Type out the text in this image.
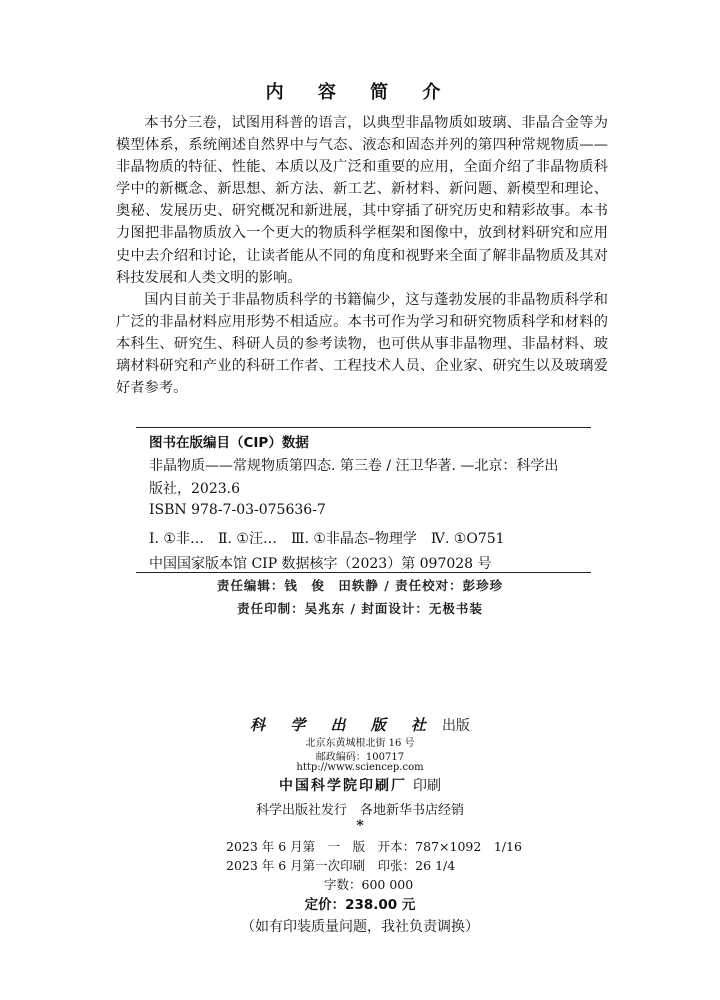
内 容 简 介

本书分三卷，试图用科普的语言，以典型非晶物质如玻璃、非晶合金等为模型体系，系统阐述自然界中与气态、液态和固态并列的第四种常规物质——非晶物质的特征、性能、本质以及广泛和重要的应用，全面介绍了非晶物质科学中的新概念、新思想、新方法、新工艺、新材料、新问题、新模型和理论、奥秘、发展历史、研究概况和新进展，其中穿插了研究历史和精彩故事。本书力图把非晶物质放入一个更大的物质科学框架和图像中，放到材料研究和应用史中去介绍和讨论，让读者能从不同的角度和视野来全面了解非晶物质及其对科技发展和人类文明的影响。

国内目前关于非晶物质科学的书籍偏少，这与蓬勃发展的非晶物质科学和广泛的非晶材料应用形势不相适应。本书可作为学习和研究物质科学和材料的本科生、研究生、科研人员的参考读物，也可供从事非晶物理、非晶材料、玻璃材料研究和产业的科研工作者、工程技术人员、企业家、研究生以及玻璃爱好者参考。

图书在版编目（CIP）数据
非晶物质——常规物质第四态. 第三卷 / 汪卫华著. —北京：科学出
版社，2023.6
ISBN 978-7-03-075636-7
Ⅰ. ①非…　Ⅱ. ①汪…　Ⅲ. ①非晶态–物理学　Ⅳ. ①O751
中国国家版本馆 CIP 数据核字（2023）第 097028 号
责任编辑：钱　俊　田轶静 / 责任校对：彭珍珍
责任印制：吴兆东 / 封面设计：无极书装
科 学 出 版 社 出版
北京东黄城根北街 16 号
邮政编码：100717
http://www.sciencep.com
中国科学院印刷厂 印刷
科学出版社发行　各地新华书店经销
*
2023 年 6 月第　一　版　开本：787×1092　1/16
2023 年 6 月第一次印刷　印张：26 1/4
字数：600 000
定价：238.00 元
（如有印装质量问题，我社负责调换）
